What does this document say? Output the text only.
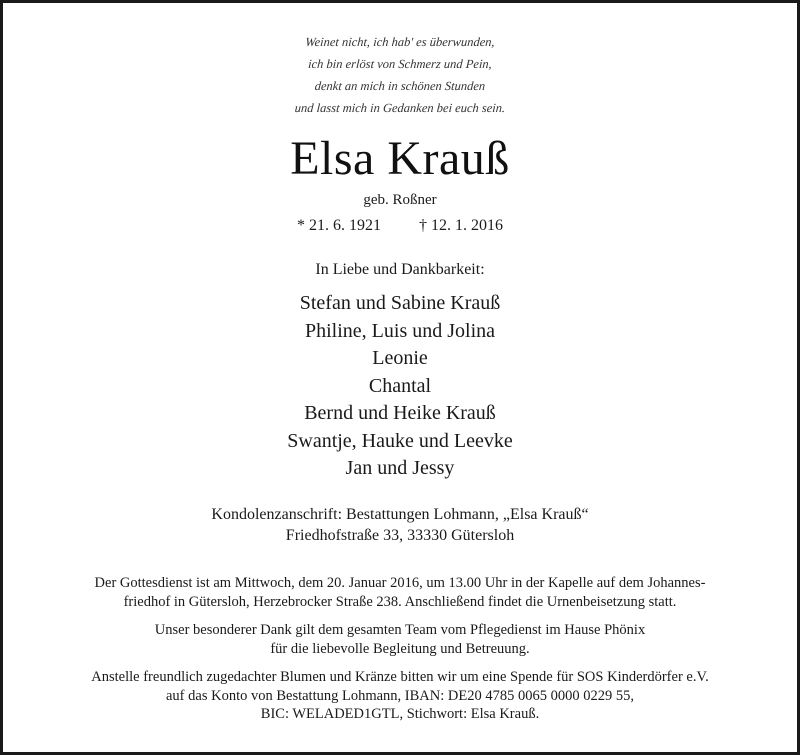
Weinet nicht, ich hab' es überwunden,
ich bin erlöst von Schmerz und Pein,
denkt an mich in schönen Stunden
und lasst mich in Gedanken bei euch sein.
Elsa Krauß
geb. Roßner
* 21. 6. 1921 † 12. 1. 2016
In Liebe und Dankbarkeit:
Stefan und Sabine Krauß
Philine, Luis und Jolina
Leonie
Chantal
Bernd und Heike Krauß
Swantje, Hauke und Leevke
Jan und Jessy
Kondolenzanschrift: Bestattungen Lohmann, „Elsa Krauß“
Friedhofstraße 33, 33330 Gütersloh
Der Gottesdienst ist am Mittwoch, dem 20. Januar 2016, um 13.00 Uhr in der Kapelle auf dem Johannes-
friedhof in Gütersloh, Herzebrocker Straße 238. Anschließend findet die Urnenbeisetzung statt.
Unser besonderer Dank gilt dem gesamten Team vom Pflegedienst im Hause Phönix
für die liebevolle Begleitung und Betreuung.
Anstelle freundlich zugedachter Blumen und Kränze bitten wir um eine Spende für SOS Kinderdörfer e.V.
auf das Konto von Bestattung Lohmann, IBAN: DE20 4785 0065 0000 0229 55,
BIC: WELADED1GTL, Stichwort: Elsa Krauß.
